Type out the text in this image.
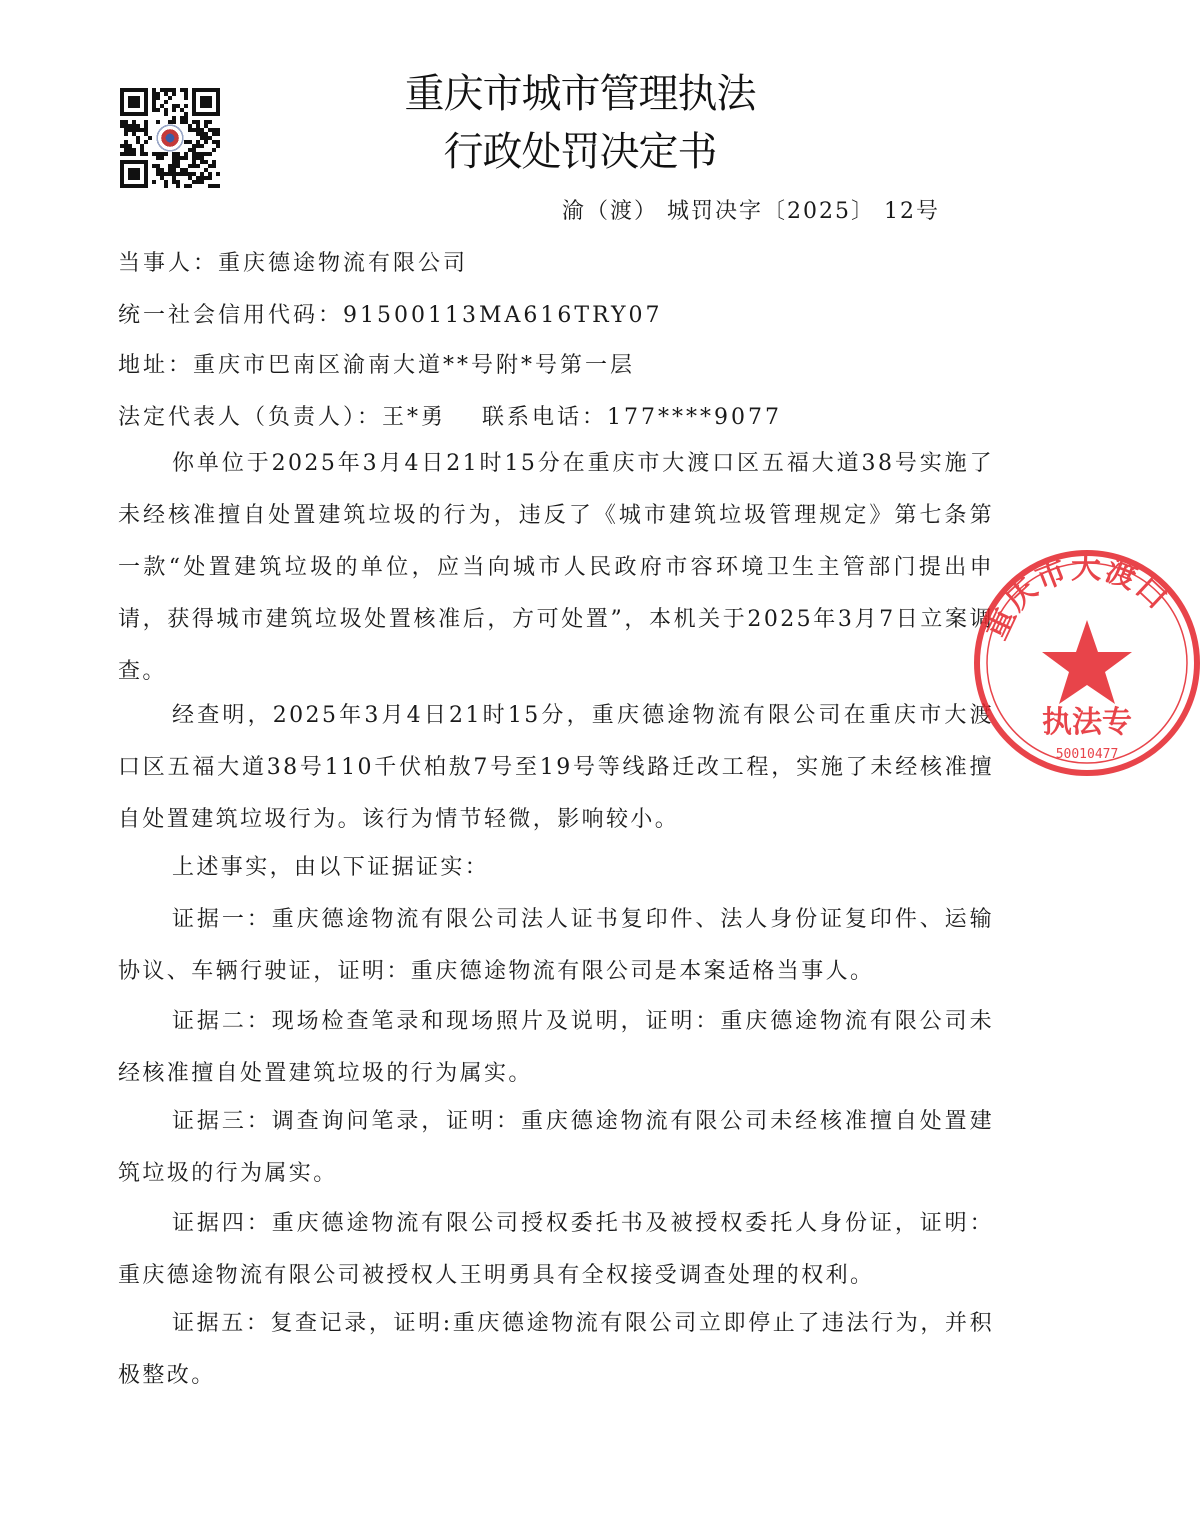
重庆市城市管理执法
行政处罚决定书
渝（渡） 城罚决字〔2025〕 12号
当事人：重庆德途物流有限公司
统一社会信用代码：91500113MA616TRY07
地址：重庆市巴南区渝南大道**号附*号第一层
法定代表人（负责人）：王*勇 联系电话：177****9077

你单位于2025年3月4日21时15分在重庆市大渡口区五福大道38号实施了未经核准擅自处置建筑垃圾的行为，违反了《城市建筑垃圾管理规定》第七条第一款“处置建筑垃圾的单位，应当向城市人民政府市容环境卫生主管部门提出申请，获得城市建筑垃圾处置核准后，方可处置”，本机关于2025年3月7日立案调查。

经查明，2025年3月4日21时15分，重庆德途物流有限公司在重庆市大渡口区五福大道38号110千伏柏敖7号至19号等线路迁改工程，实施了未经核准擅自处置建筑垃圾行为。该行为情节轻微，影响较小。

上述事实，由以下证据证实：

证据一：重庆德途物流有限公司法人证书复印件、法人身份证复印件、运输协议、车辆行驶证，证明：重庆德途物流有限公司是本案适格当事人。

证据二：现场检查笔录和现场照片及说明，证明：重庆德途物流有限公司未经核准擅自处置建筑垃圾的行为属实。

证据三：调查询问笔录，证明：重庆德途物流有限公司未经核准擅自处置建筑垃圾的行为属实。

证据四：重庆德途物流有限公司授权委托书及被授权委托人身份证，证明：重庆德途物流有限公司被授权人王明勇具有全权接受调查处理的权利。

证据五：复查记录，证明:重庆德途物流有限公司立即停止了违法行为，并积极整改。

重庆市大渡口
执法专
50010477
